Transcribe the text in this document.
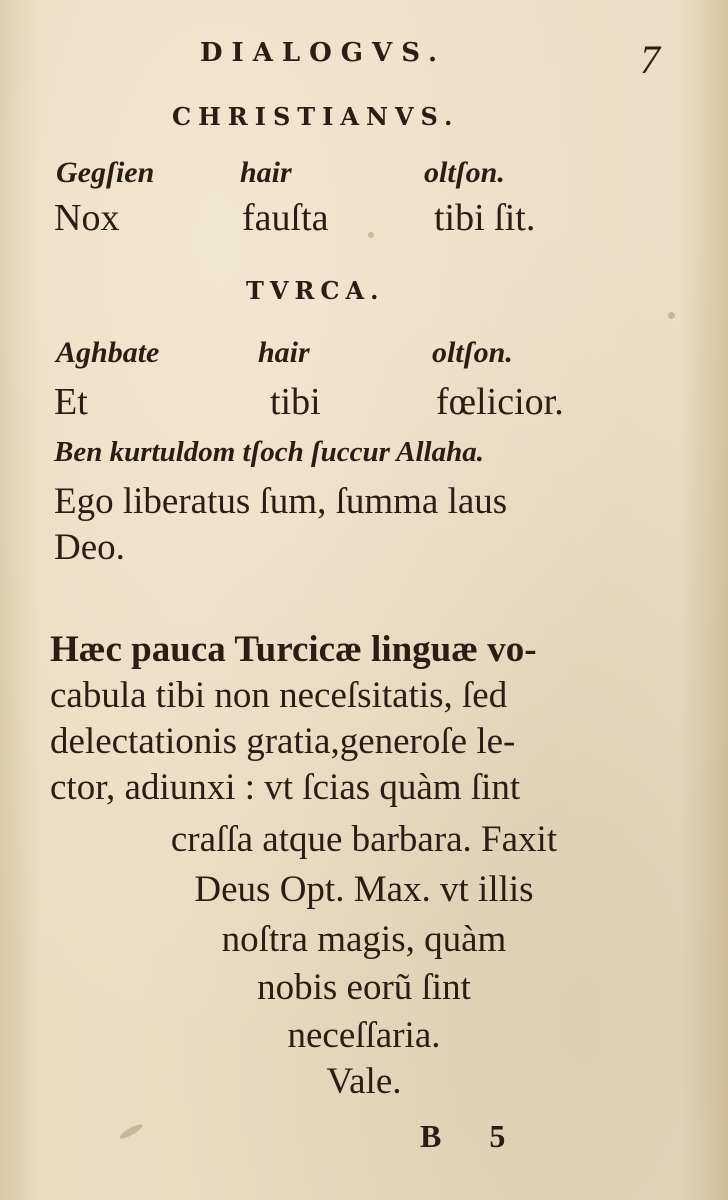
DIALOGVS.	7
CHRISTIANVS.
Gegſien	hair	oltſon.
Nox	fauſta	tibi ſit.
TVRCA.
Aghbate	hair	oltſon.
Et	tibi	fœlicior.
Ben kurtuldom tſoch ſuccur Allaha.
Ego liberatus ſum, ſumma laus
Deo.
Hæc pauca Turcicæ linguæ vo-
cabula tibi non neceſsitatis, ſed
delectationis gratia,generoſe le-
ctor, adiunxi : vt ſcias quàm ſint
craſſa atque barbara. Faxit
Deus Opt. Max. vt illis
noſtra magis, quàm
nobis eorũ ſint
neceſſaria.
Vale.
B 5
